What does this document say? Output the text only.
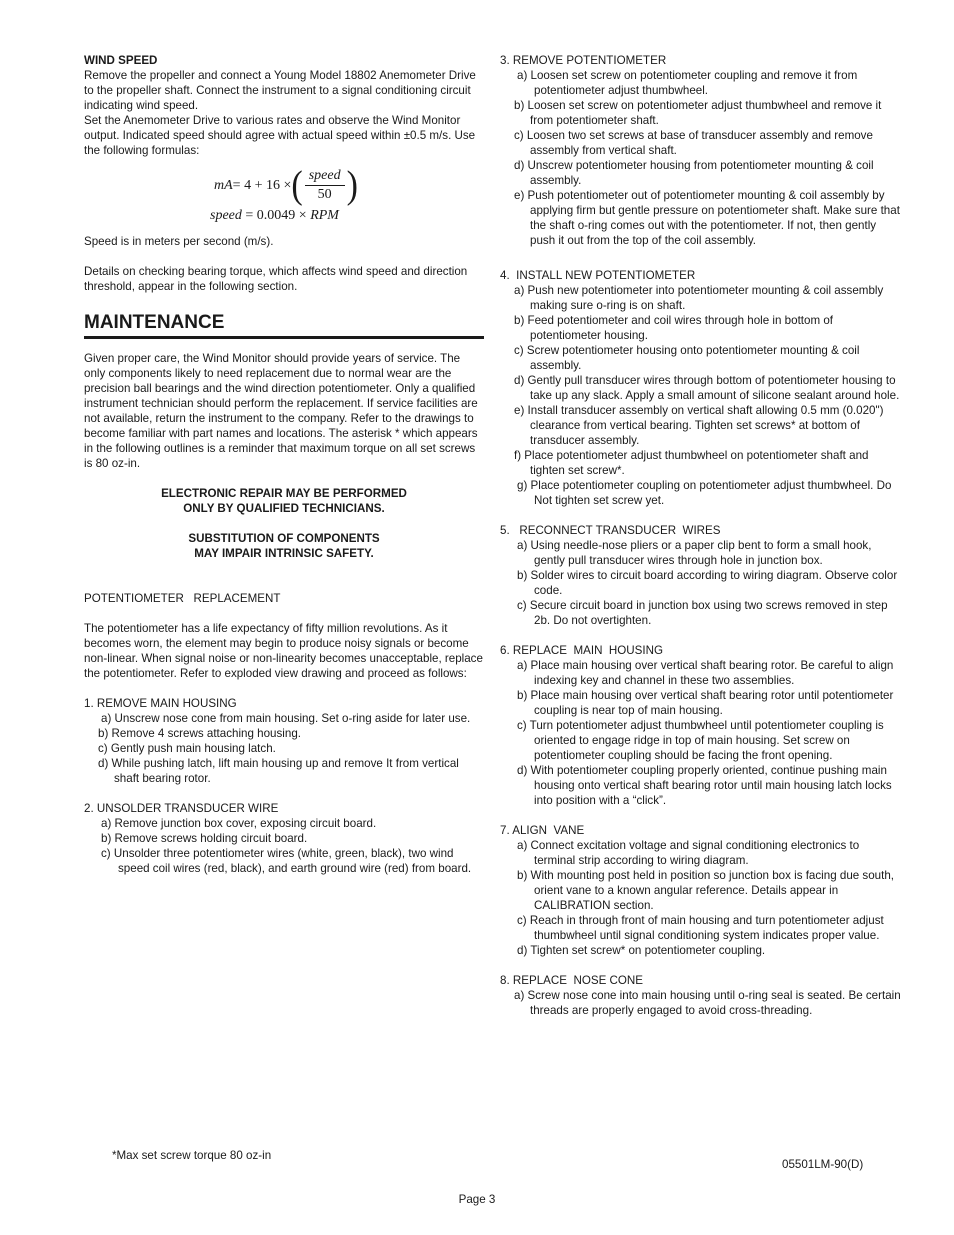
WIND SPEED

Remove the propeller and connect a Young Model 18802 Anemometer Drive to the propeller shaft. Connect the instrument to a signal conditioning circuit indicating wind speed.

Set the Anemometer Drive to various rates and observe the Wind Monitor output. Indicated speed should agree with actual speed within ±0.5 m/s. Use the following formulas:

mA = 4 + 16 × ( $\frac{\text{speed}}{50}$ )
speed = 0.0049 × RPM

Speed is in meters per second (m/s).

Details on checking bearing torque, which affects wind speed and direction threshold, appear in the following section.

MAINTENANCE

Given proper care, the Wind Monitor should provide years of service. The only components likely to need replacement due to normal wear are the precision ball bearings and the wind direction potentiometer. Only a qualified instrument technician should perform the replacement. If service facilities are not available, return the instrument to the company. Refer to the drawings to become familiar with part names and locations. The asterisk * which appears in the following outlines is a reminder that maximum torque on all set screws is 80 oz-in.

ELECTRONIC REPAIR MAY BE PERFORMED

ONLY BY QUALIFIED TECHNICIANS.

SUBSTITUTION OF COMPONENTS

MAY IMPAIR INTRINSIC SAFETY.

POTENTIOMETER   REPLACEMENT

The potentiometer has a life expectancy of fifty million revolutions. As it becomes worn, the element may begin to produce noisy signals or become non-linear. When signal noise or non-linearity becomes unacceptable, replace the potentiometer. Refer to exploded view drawing and proceed as follows:

1. REMOVE MAIN HOUSING

a) Unscrew nose cone from main housing. Set o-ring aside for later use.

b) Remove 4 screws attaching housing.

c) Gently push main housing latch.

d) While pushing latch, lift main housing up and remove It from vertical shaft bearing rotor.

2. UNSOLDER TRANSDUCER WIRE

a) Remove junction box cover, exposing circuit board.

b) Remove screws holding circuit board.

c) Unsolder three potentiometer wires (white, green, black), two wind speed coil wires (red, black), and earth ground wire (red) from board.

3. REMOVE POTENTIOMETER

a) Loosen set screw on potentiometer coupling and remove it from potentiometer adjust thumbwheel.

b) Loosen set screw on potentiometer adjust thumbwheel and remove it from potentiometer shaft.

c) Loosen two set screws at base of transducer assembly and remove assembly from vertical shaft.

d) Unscrew potentiometer housing from potentiometer mounting & coil assembly.

e) Push potentiometer out of potentiometer mounting & coil assembly by applying firm but gentle pressure on potentiometer shaft. Make sure that the shaft o-ring comes out with the potentiometer. If not, then gently push it out from the top of the coil assembly.

4.  INSTALL NEW POTENTIOMETER

a) Push new potentiometer into potentiometer mounting & coil assembly making sure o-ring is on shaft.

b) Feed potentiometer and coil wires through hole in bottom of potentiometer housing.

c) Screw potentiometer housing onto potentiometer mounting & coil assembly.

d) Gently pull transducer wires through bottom of potentiometer housing to take up any slack. Apply a small amount of silicone sealant around hole.

e) Install transducer assembly on vertical shaft allowing 0.5 mm (0.020") clearance from vertical bearing. Tighten set screws* at bottom of transducer assembly.

f) Place potentiometer adjust thumbwheel on potentiometer shaft and tighten set screw*.

g) Place potentiometer coupling on potentiometer adjust thumbwheel. Do Not tighten set screw yet.

5.   RECONNECT TRANSDUCER  WIRES

a) Using needle-nose pliers or a paper clip bent to form a small hook, gently pull transducer wires through hole in junction box.

b) Solder wires to circuit board according to wiring diagram. Observe color code.

c) Secure circuit board in junction box using two screws removed in step 2b. Do not overtighten.

6. REPLACE  MAIN  HOUSING

a) Place main housing over vertical shaft bearing rotor. Be careful to align indexing key and channel in these two assemblies.

b) Place main housing over vertical shaft bearing rotor until potentiometer coupling is near top of main housing.

c) Turn potentiometer adjust thumbwheel until potentiometer coupling is oriented to engage ridge in top of main housing. Set screw on potentiometer coupling should be facing the front opening.

d) With potentiometer coupling properly oriented, continue pushing main housing onto vertical shaft bearing rotor until main housing latch locks into position with a “click”.

7. ALIGN  VANE

a) Connect excitation voltage and signal conditioning electronics to terminal strip according to wiring diagram.

b) With mounting post held in position so junction box is facing due south, orient vane to a known angular reference. Details appear in CALIBRATION section.

c) Reach in through front of main housing and turn potentiometer adjust thumbwheel until signal conditioning system indicates proper value.

d) Tighten set screw* on potentiometer coupling.

8. REPLACE  NOSE CONE

a) Screw nose cone into main housing until o-ring seal is seated. Be certain threads are properly engaged to avoid cross-threading.

*Max set screw torque 80 oz-in
05501LM-90(D)
Page 3
